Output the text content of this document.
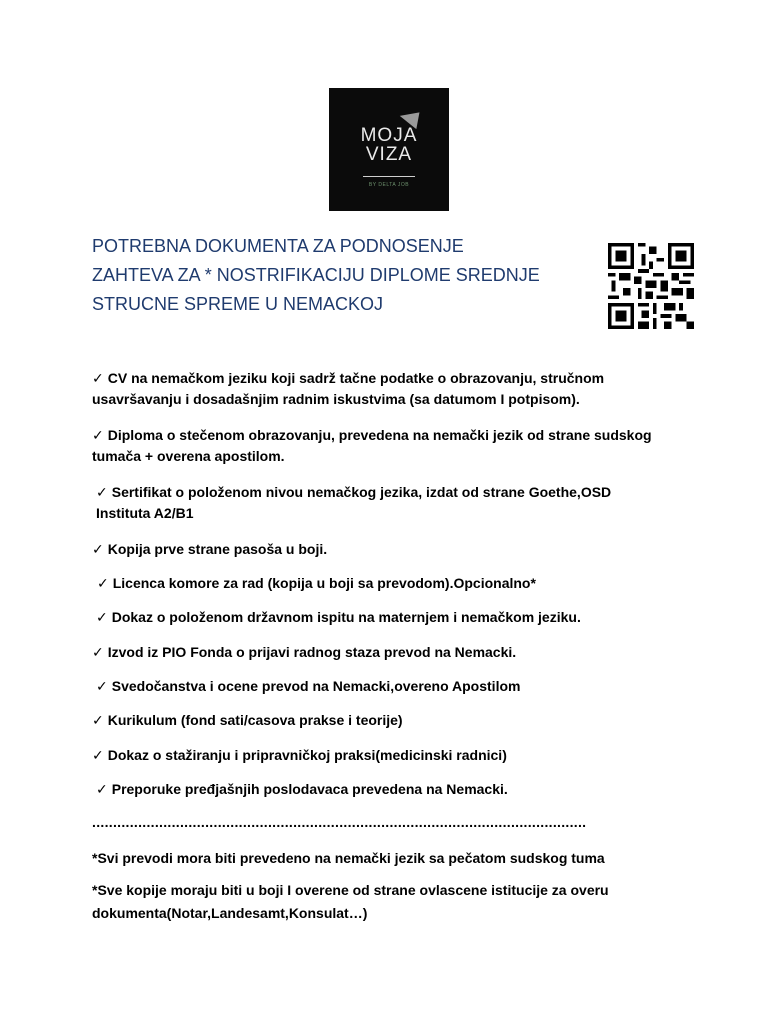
MOJA
VIZA
BY DELTA JOB
POTREBNA DOKUMENTA ZA PODNOSENJE
ZAHTEVA ZA * NOSTRIFIKACIJU DIPLOME SREDNJE
STRUCNE SPREME U NEMACKOJ
✓ CV na nemačkom jeziku koji sadrž tačne podatke o obrazovanju, stručnom usavršavanju i dosadašnjim radnim iskustvima (sa datumom I potpisom).
✓ Diploma o stečenom obrazovanju, prevedena na nemački jezik od strane sudskog tumača + overena apostilom.
✓ Sertifikat o položenom nivou nemačkog jezika, izdat od strane Goethe,OSD Instituta A2/B1
✓ Kopija prve strane pasoša u boji.
✓ Licenca komore za rad (kopija u boji sa prevodom).Opcionalno*
✓ Dokaz o položenom državnom ispitu na maternjem i nemačkom jeziku.
✓ Izvod iz PIO Fonda o prijavi radnog staza prevod na Nemacki.
✓ Svedočanstva i ocene prevod na Nemacki,overeno Apostilom
✓ Kurikulum (fond sati/casova prakse i teorije)
✓ Dokaz o stažiranju i pripravničkoj praksi(medicinski radnici)
✓ Preporuke pređjašnjih poslodavaca prevedena na Nemacki.
......................................................................................................................
*Svi prevodi mora biti prevedeno na nemački jezik sa pečatom sudskog tuma
*Sve kopije moraju biti u boji I overene od strane ovlascene istitucije za overu dokumenta(Notar,Landesamt,Konsulat…)
